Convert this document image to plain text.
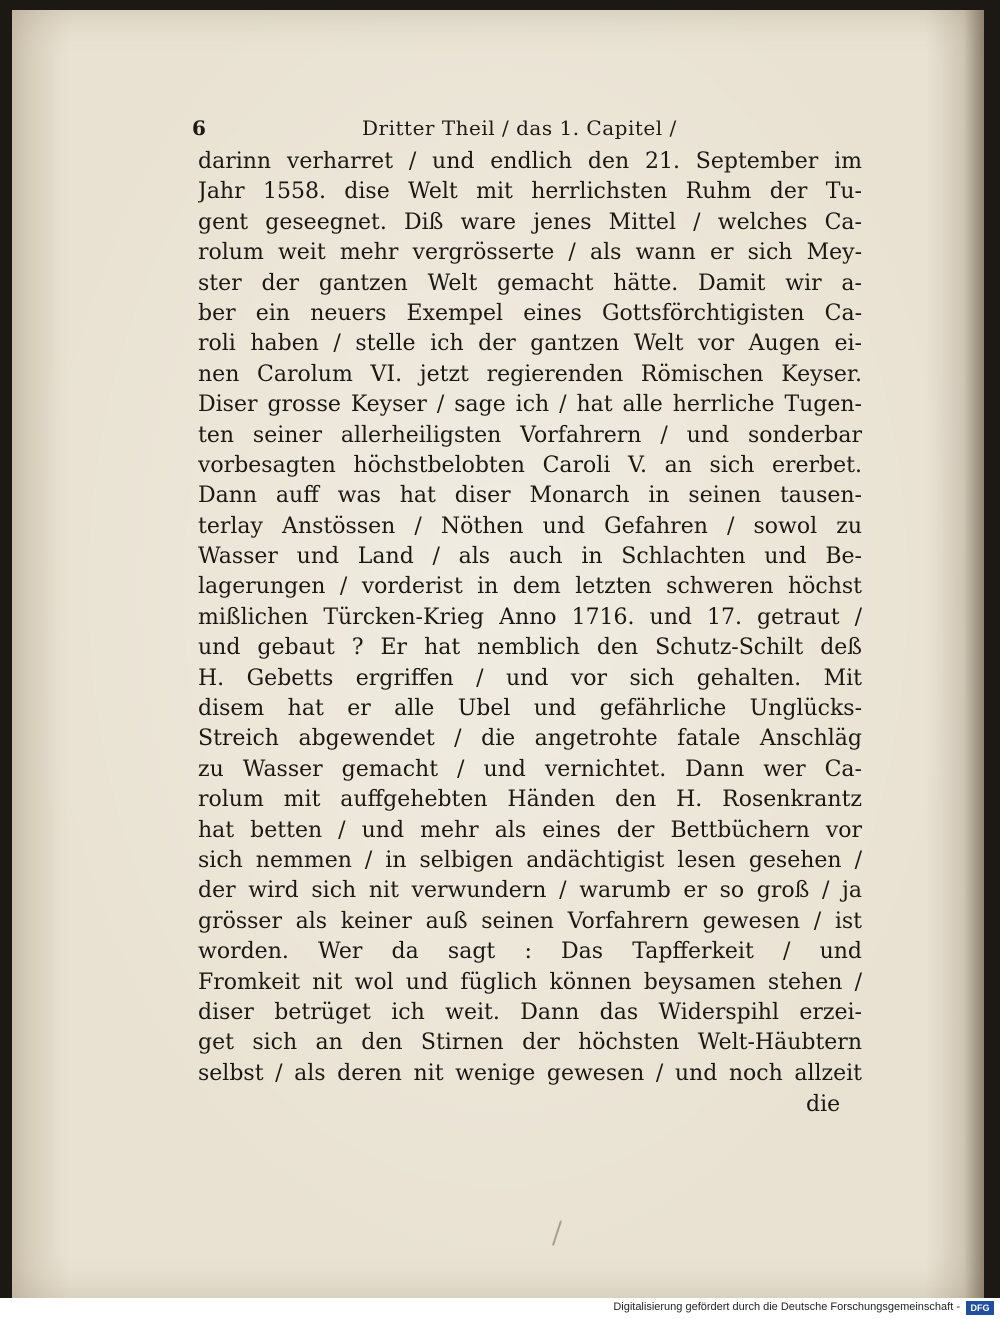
6	Dritter Theil / das 1. Capitel /
darinn verharret / und endlich den 21. September im
Jahr 1558. dise Welt mit herrlichsten Ruhm der Tu-
gent geseegnet. Diß ware jenes Mittel / welches Ca-
rolum weit mehr vergrösserte / als wann er sich Mey-
ster der gantzen Welt gemacht hätte. Damit wir a-
ber ein neuers Exempel eines Gottsförchtigisten Ca-
roli haben / stelle ich der gantzen Welt vor Augen ei-
nen Carolum VI. jetzt regierenden Römischen Keyser.
Diser grosse Keyser / sage ich / hat alle herrliche Tugen-
ten seiner allerheiligsten Vorfahrern / und sonderbar
vorbesagten höchstbelobten Caroli V. an sich ererbet.
Dann auff was hat diser Monarch in seinen tausen-
terlay Anstössen / Nöthen und Gefahren / sowol zu
Wasser und Land / als auch in Schlachten und Be-
lagerungen / vorderist in dem letzten schweren höchst
mißlichen Türcken-Krieg Anno 1716. und 17. getraut /
und gebaut ? Er hat nemblich den Schutz-Schilt deß
H. Gebetts ergriffen / und vor sich gehalten. Mit
disem hat er alle Ubel und gefährliche Unglücks-
Streich abgewendet / die angetrohte fatale Anschläg
zu Wasser gemacht / und vernichtet. Dann wer Ca-
rolum mit auffgehebten Händen den H. Rosenkrantz
hat betten / und mehr als eines der Bettbüchern vor
sich nemmen / in selbigen andächtigist lesen gesehen /
der wird sich nit verwundern / warumb er so groß / ja
grösser als keiner auß seinen Vorfahrern gewesen / ist
worden. Wer da sagt : Das Tapfferkeit / und
Fromkeit nit wol und füglich können beysamen stehen /
diser betrüget ich weit. Dann das Widerspihl erzei-
get sich an den Stirnen der höchsten Welt-Häubtern
selbst / als deren nit wenige gewesen / und noch allzeit
die
Digitalisierung gefördert durch die Deutsche Forschungsgemeinschaft -	DFG
